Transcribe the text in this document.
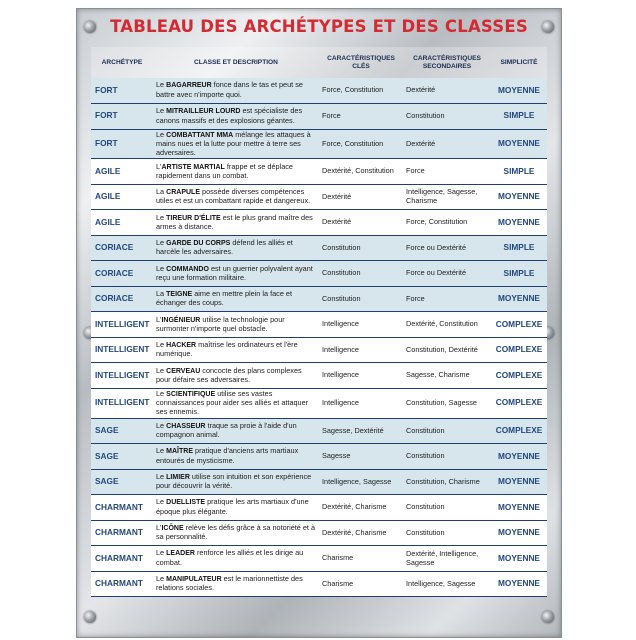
TABLEAU DES ARCHÉTYPES ET DES CLASSES
ARCHÉTYPE	CLASSE ET DESCRIPTION	CARACTÉRISTIQUES CLÉS	CARACTÉRISTIQUES SECONDAIRES	SIMPLICITÉ
FORT	Le BAGARREUR fonce dans le tas et peut se battre avec n'importe quoi.	Force, Constitution	Dextérité	MOYENNE
FORT	Le MITRAILLEUR LOURD est spécialiste des canons massifs et des explosions géantes.	Force	Constitution	SIMPLE
FORT	Le COMBATTANT MMA mélange les attaques à mains nues et la lutte pour mettre à terre ses adversaires.	Force, Constitution	Dextérité	MOYENNE
AGILE	L'ARTISTE MARTIAL frappe et se déplace rapidement dans un combat.	Dextérité, Constitution	Force	SIMPLE
AGILE	La CRAPULE possède diverses compétences utiles et est un combattant rapide et dangereux.	Dextérité	Intelligence, Sagesse, Charisme	MOYENNE
AGILE	Le TIREUR D'ÉLITE est le plus grand maître des armes à distance.	Dextérité	Force, Constitution	MOYENNE
CORIACE	Le GARDE DU CORPS défend les alliés et harcèle les adversaires.	Constitution	Force ou Dextérité	SIMPLE
CORIACE	Le COMMANDO est un guerrier polyvalent ayant reçu une formation militaire.	Constitution	Force ou Dextérité	SIMPLE
CORIACE	La TEIGNE aime en mettre plein la face et échanger des coups.	Constitution	Force	MOYENNE
INTELLIGENT	L'INGÉNIEUR utilise la technologie pour surmonter n'importe quel obstacle.	Intelligence	Dextérité, Constitution	COMPLEXE
INTELLIGENT	Le HACKER maîtrise les ordinateurs et l'ère numérique.	Intelligence	Constitution, Dextérité	COMPLEXE
INTELLIGENT	Le CERVEAU concocte des plans complexes pour défaire ses adversaires.	Intelligence	Sagesse, Charisme	COMPLEXE
INTELLIGENT	Le SCIENTIFIQUE utilise ses vastes connaissances pour aider ses alliés et attaquer ses ennemis.	Intelligence	Constitution, Sagesse	COMPLEXE
SAGE	Le CHASSEUR traque sa proie à l'aide d'un compagnon animal.	Sagesse, Dextérité	Constitution	COMPLEXE
SAGE	Le MAÎTRE pratique d'anciens arts martiaux entourés de mysticisme.	Sagesse	Constitution	MOYENNE
SAGE	Le LIMIER utilise son intuition et son expérience pour découvrir la vérité.	Intelligence, Sagesse	Constitution, Charisme	MOYENNE
CHARMANT	Le DUELLISTE pratique les arts martiaux d'une époque plus élégante.	Dextérité, Charisme	Constitution	MOYENNE
CHARMANT	L'ICÔNE relève les défis grâce à sa notoriété et à sa personnalité.	Dextérité, Charisme	Constitution	MOYENNE
CHARMANT	Le LEADER renforce les alliés et les dirige au combat.	Charisme	Dextérité, Intelligence, Sagesse	MOYENNE
CHARMANT	Le MANIPULATEUR est le marionnettiste des relations sociales.	Charisme	Intelligence, Sagesse	MOYENNE
